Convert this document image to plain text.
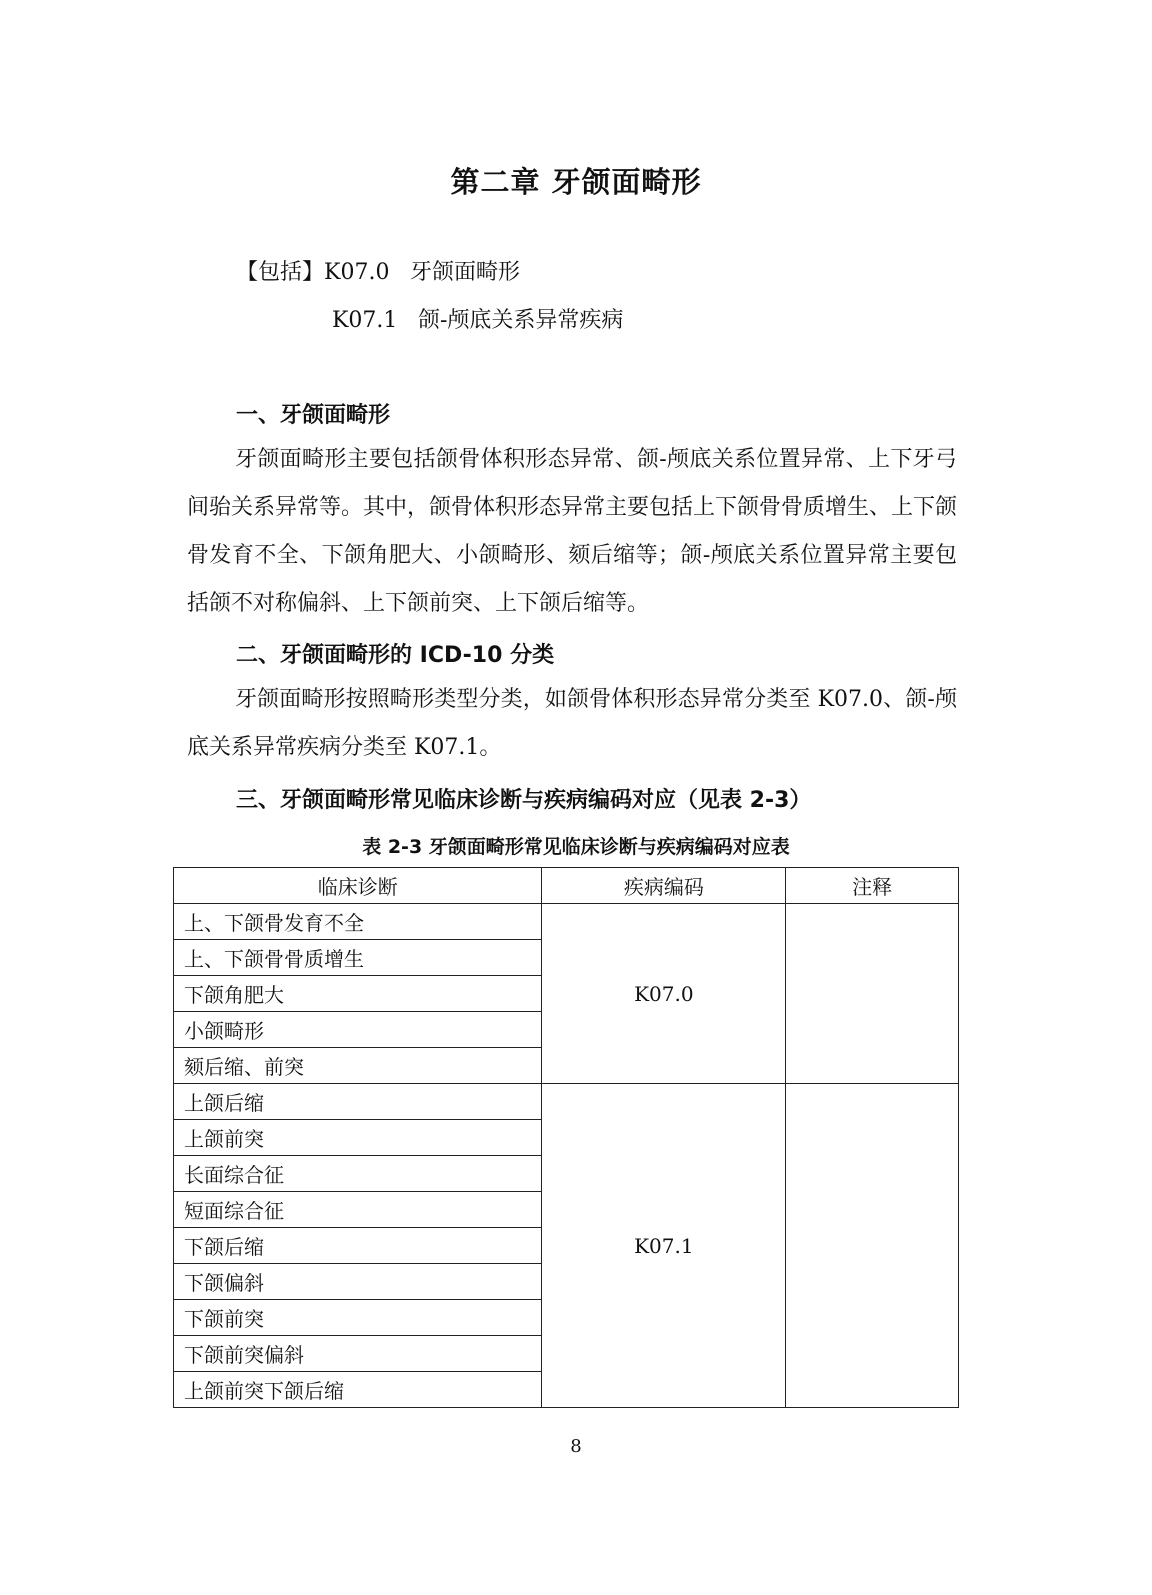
第二章 牙颌面畸形
【包括】K07.0 牙颌面畸形
K07.1 颌-颅底关系异常疾病
一、牙颌面畸形

牙颌面畸形主要包括颌骨体积形态异常、颌-颅底关系位置异常、上下牙弓间骀关系异常等。其中，颌骨体积形态异常主要包括上下颌骨骨质增生、上下颌骨发育不全、下颌角肥大、小颌畸形、颏后缩等；颌-颅底关系位置异常主要包括颌不对称偏斜、上下颌前突、上下颌后缩等。

二、牙颌面畸形的 ICD-10 分类

牙颌面畸形按照畸形类型分类，如颌骨体积形态异常分类至 K07.0、颌-颅底关系异常疾病分类至 K07.1。

三、牙颌面畸形常见临床诊断与疾病编码对应（见表 2-3）
表 2-3 牙颌面畸形常见临床诊断与疾病编码对应表
临床诊断	疾病编码	注释
上、下颌骨发育不全	K07.0	
上、下颌骨骨质增生		
下颌角肥大		
小颌畸形		
颏后缩、前突		
上颌后缩	K07.1	
上颌前突		
长面综合征		
短面综合征		
下颌后缩		
下颌偏斜		
下颌前突		
下颌前突偏斜		
上颌前突下颌后缩		
8
